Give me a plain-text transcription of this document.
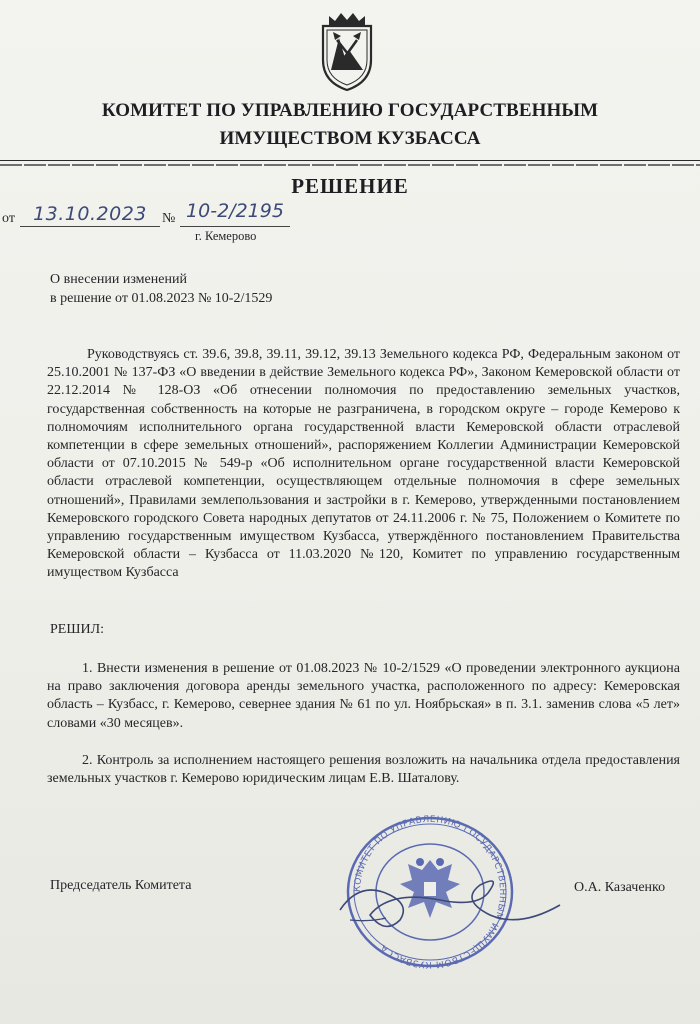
КОМИТЕТ ПО УПРАВЛЕНИЮ ГОСУДАРСТВЕННЫМ
ИМУЩЕСТВОМ КУЗБАССА
РЕШЕНИЕ
от 13.10.2023	№ 10-2/2195
г. Кемерово
О внесении изменений
в решение от 01.08.2023 № 10-2/1529
Руководствуясь ст. 39.6, 39.8, 39.11, 39.12, 39.13 Земельного кодекса РФ, Федеральным законом от 25.10.2001 № 137-ФЗ «О введении в действие Земельного кодекса РФ», Законом Кемеровской области от 22.12.2014 № 128-ОЗ «Об отнесении полномочия по предоставлению земельных участков, государственная собственность на которые не разграничена, в городском округе – городе Кемерово к полномочиям исполнительного органа государственной власти Кемеровской области отраслевой компетенции в сфере земельных отношений», распоряжением Коллегии Администрации Кемеровской области от 07.10.2015 № 549-р «Об исполнительном органе государственной власти Кемеровской области отраслевой компетенции, осуществляющем отдельные полномочия в сфере земельных отношений», Правилами землепользования и застройки в г. Кемерово, утвержденными постановлением Кемеровского городского Совета народных депутатов от 24.11.2006 г. № 75, Положением о Комитете по управлению государственным имуществом Кузбасса, утверждённого постановлением Правительства Кемеровской области – Кузбасса от 11.03.2020 №120, Комитет по управлению государственным имуществом Кузбасса
РЕШИЛ:
1. Внести изменения в решение от 01.08.2023 № 10-2/1529 «О проведении электронного аукциона на право заключения договора аренды земельного участка, расположенного по адресу: Кемеровская область – Кузбасс, г. Кемерово, севернее здания № 61 по ул. Ноябрьская» в п. 3.1. заменив слова «5 лет» словами «30 месяцев».
2. Контроль за исполнением настоящего решения возложить на начальника отдела предоставления земельных участков г. Кемерово юридическим лицам Е.В. Шаталову.
КОМИТЕТ ПО УПРАВЛЕНИЮ ГОСУДАРСТВЕННЫМ ИМУЩЕСТВОМ КУЗБАССА
Председатель Комитета	О.А. Казаченко
